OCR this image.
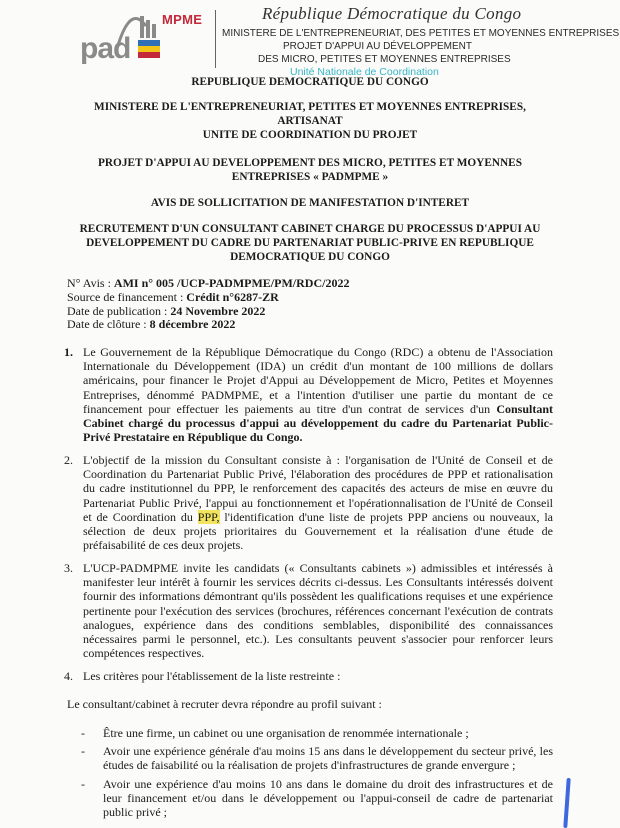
pad
MPME	République Démocratique du Congo
MINISTERE DE L'ENTREPRENEURIAT, DES PETITES ET MOYENNES ENTREPRISES
PROJET D'APPUI AU DÉVELOPPEMENT
DES MICRO, PETITES ET MOYENNES ENTREPRISES
Unité Nationale de Coordination
REPUBLIQUE DEMOCRATIQUE DU CONGO
MINISTERE DE L'ENTREPRENEURIAT, PETITES ET MOYENNES ENTREPRISES,
ARTISANAT
UNITE DE COORDINATION DU PROJET
PROJET D'APPUI AU DEVELOPPEMENT DES MICRO, PETITES ET MOYENNES
ENTREPRISES « PADMPME »
AVIS DE SOLLICITATION DE MANIFESTATION D'INTERET
RECRUTEMENT D'UN CONSULTANT CABINET CHARGE DU PROCESSUS D'APPUI AU
DEVELOPPEMENT DU CADRE DU PARTENARIAT PUBLIC-PRIVE EN REPUBLIQUE
DEMOCRATIQUE DU CONGO
N° Avis : AMI n° 005 /UCP-PADMPME/PM/RDC/2022
Source de financement : Crédit n°6287-ZR
Date de publication : 24 Novembre 2022
Date de clôture : 8 décembre 2022
1. Le Gouvernement de la République Démocratique du Congo (RDC) a obtenu de l'Association Internationale du Développement (IDA) un crédit d'un montant de 100 millions de dollars américains, pour financer le Projet d'Appui au Développement de Micro, Petites et Moyennes Entreprises, dénommé PADMPME, et a l'intention d'utiliser une partie du montant de ce financement pour effectuer les paiements au titre d'un contrat de services d'un Consultant Cabinet chargé du processus d'appui au développement du cadre du Partenariat Public-Privé Prestataire en République du Congo.
2. L'objectif de la mission du Consultant consiste à : l'organisation de l'Unité de Conseil et de Coordination du Partenariat Public Privé, l'élaboration des procédures de PPP et rationalisation du cadre institutionnel du PPP, le renforcement des capacités des acteurs de mise en œuvre du Partenariat Public Privé, l'appui au fonctionnement et l'opérationnalisation de l'Unité de Conseil et de Coordination du PPP, l'identification d'une liste de projets PPP anciens ou nouveaux, la sélection de deux projets prioritaires du Gouvernement et la réalisation d'une étude de préfaisabilité de ces deux projets.
3. L'UCP-PADMPME invite les candidats (« Consultants cabinets ») admissibles et intéressés à manifester leur intérêt à fournir les services décrits ci-dessus. Les Consultants intéressés doivent fournir des informations démontrant qu'ils possèdent les qualifications requises et une expérience pertinente pour l'exécution des services (brochures, références concernant l'exécution de contrats analogues, expérience dans des conditions semblables, disponibilité des connaissances nécessaires parmi le personnel, etc.). Les consultants peuvent s'associer pour renforcer leurs compétences respectives.
4. Les critères pour l'établissement de la liste restreinte :
Le consultant/cabinet à recruter devra répondre au profil suivant :
- Être une firme, un cabinet ou une organisation de renommée internationale ;
- Avoir une expérience générale d'au moins 15 ans dans le développement du secteur privé, les études de faisabilité ou la réalisation de projets d'infrastructures de grande envergure ;
- Avoir une expérience d'au moins 10 ans dans le domaine du droit des infrastructures et de leur financement et/ou dans le développement ou l'appui-conseil de cadre de partenariat public privé ;
